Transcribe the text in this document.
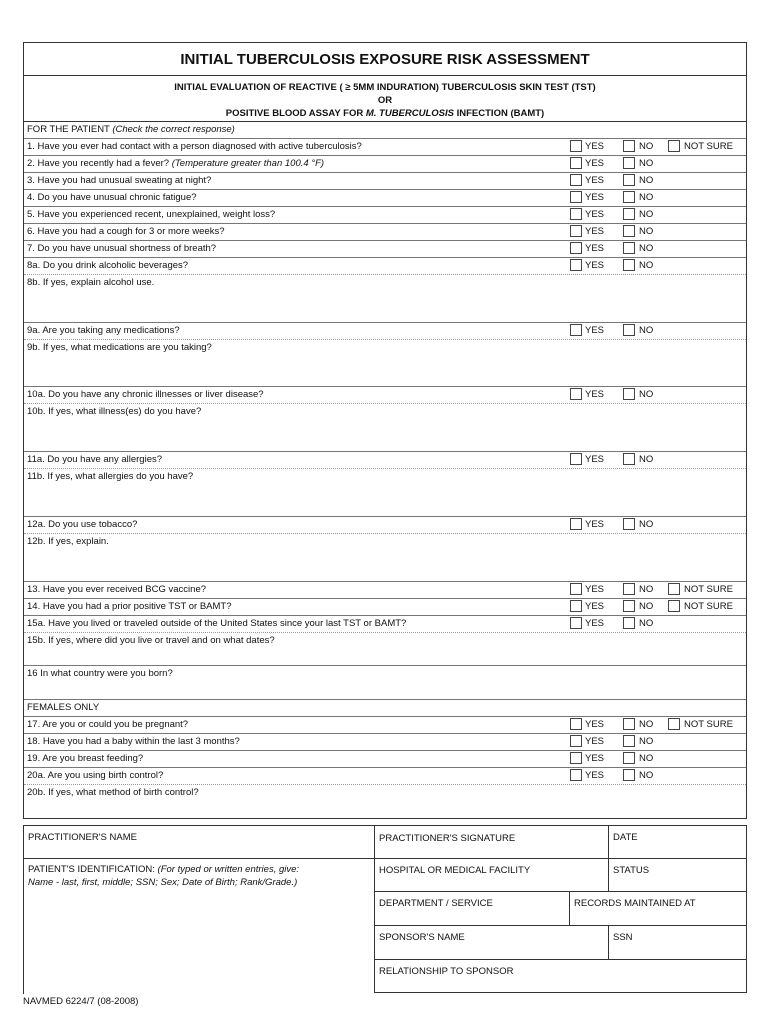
INITIAL TUBERCULOSIS EXPOSURE RISK ASSESSMENT
INITIAL EVALUATION OF REACTIVE ( ≥ 5MM INDURATION) TUBERCULOSIS SKIN TEST (TST)
OR
POSITIVE BLOOD ASSAY FOR M. TUBERCULOSIS INFECTION (BAMT)
FOR THE PATIENT (Check the correct response)
1. Have you ever had contact with a person diagnosed with active tuberculosis?	YES	NO	NOT SURE
2. Have you recently had a fever? (Temperature greater than 100.4 °F)	YES	NO
3. Have you had unusual sweating at night?	YES	NO
4. Do you have unusual chronic fatigue?	YES	NO
5. Have you experienced recent, unexplained, weight loss?	YES	NO
6. Have you had a cough for 3 or more weeks?	YES	NO
7. Do you have unusual shortness of breath?	YES	NO
8a. Do you drink alcoholic beverages?	YES	NO
8b. If yes, explain alcohol use.
9a. Are you taking any medications?	YES	NO
9b. If yes, what medications are you taking?
10a. Do you have any chronic illnesses or liver disease?	YES	NO
10b. If yes, what illness(es) do you have?
11a. Do you have any allergies?	YES	NO
11b. If yes, what allergies do you have?
12a. Do you use tobacco?	YES	NO
12b. If yes, explain.
13. Have you ever received BCG vaccine?	YES	NO	NOT SURE
14. Have you had a prior positive TST or BAMT?	YES	NO	NOT SURE
15a. Have you lived or traveled outside of the United States since your last TST or BAMT?	YES	NO
15b. If yes, where did you live or travel and on what dates?
16 In what country were you born?
FEMALES ONLY
17. Are you or could you be pregnant?	YES	NO	NOT SURE
18. Have you had a baby within the last 3 months?	YES	NO
19. Are you breast feeding?	YES	NO
20a. Are you using birth control?	YES	NO
20b. If yes, what method of birth control?
PRACTITIONER'S NAME	PRACTITIONER'S SIGNATURE	DATE
PATIENT'S IDENTIFICATION: (For typed or written entries, give:
Name - last, first, middle; SSN; Sex; Date of Birth; Rank/Grade.)
HOSPITAL OR MEDICAL FACILITY	STATUS
DEPARTMENT / SERVICE	RECORDS MAINTAINED AT
SPONSOR'S NAME	SSN
RELATIONSHIP TO SPONSOR
NAVMED 6224/7 (08-2008)
